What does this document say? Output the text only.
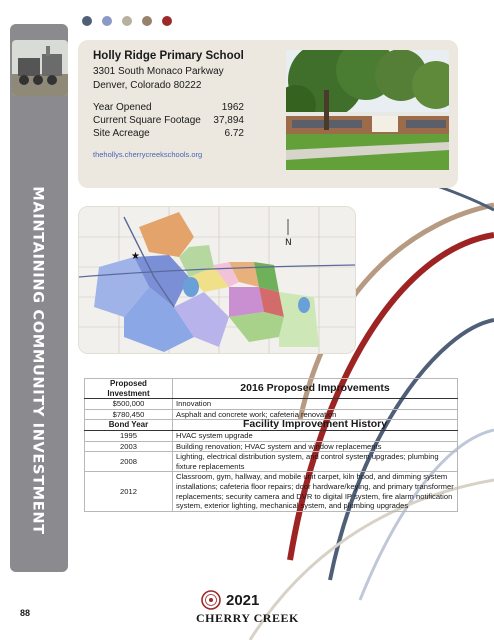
MAINTAINING COMMUNITY INVESTMENT
Holly Ridge Primary School
3301 South Monaco Parkway
Denver, Colorado 80222
Year Opened	1962
Current Square Footage 37,894
Site Acreage	6.72
thehollys.cherrycreekschools.org
★
N
Proposed Investment	2016 Proposed Improvements
$500,000	Innovation
$780,450	Asphalt and concrete work; cafeteria renovation
Bond Year	Facility Improvement History
1995	HVAC system upgrade
2003	Building renovation; HVAC system and window replacements
2008	Lighting, electrical distribution system, and control system upgrades; plumbing fixture replacements
2012	Classroom, gym, hallway, and mobile unit carpet, kiln hood, and dimming system installations; cafeteria floor repairs; door hardware/keying, and primary transformer replacements; security camera and DVR to digital IP system, fire alarm notification system, exterior lighting, mechanical system, and plumbing upgrades
88
2021
CHERRY CREEK
